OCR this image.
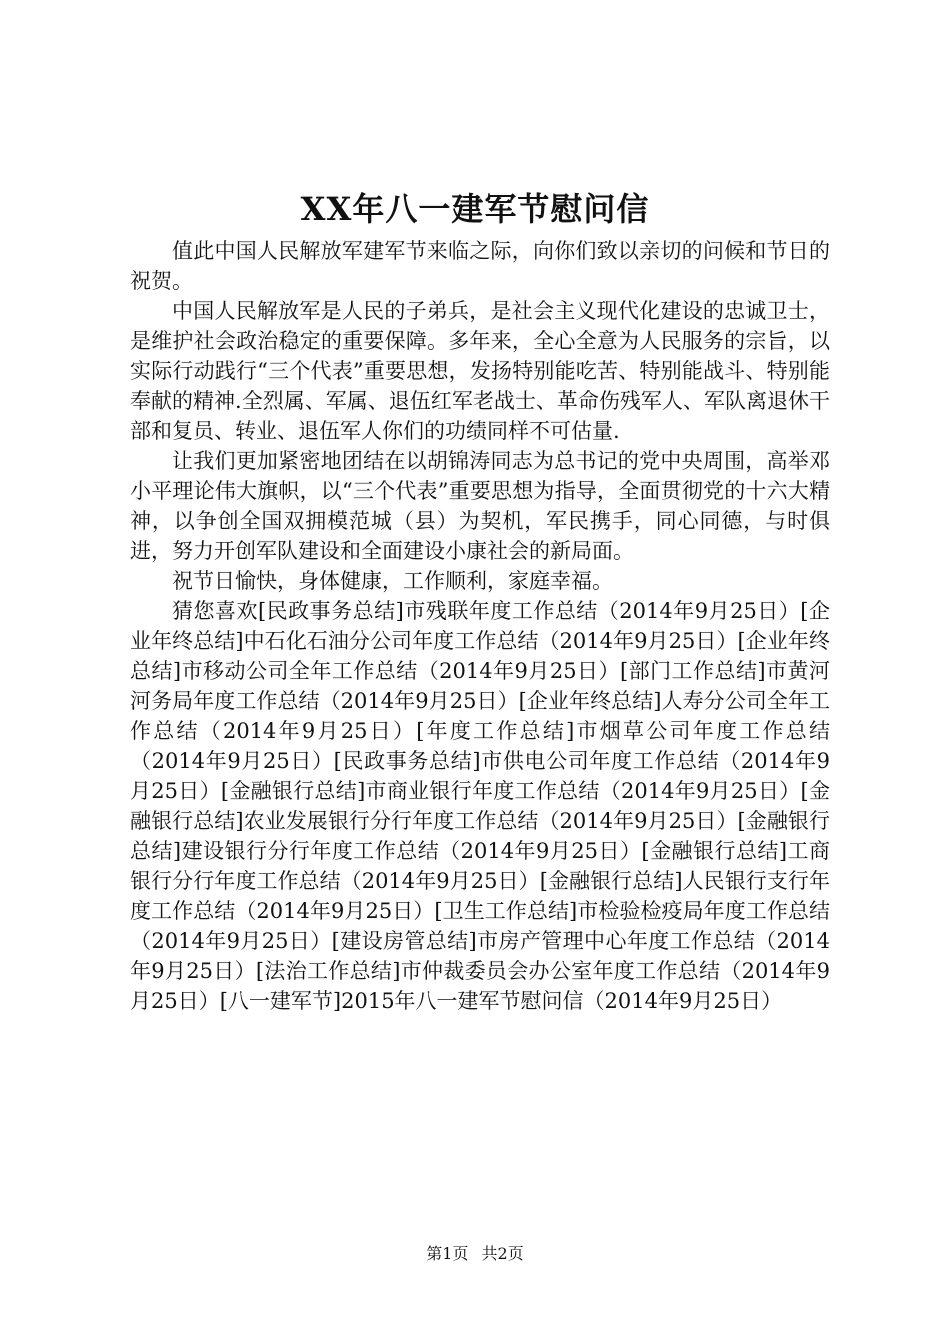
XX年八一建军节慰问信

值此中国人民解放军建军节来临之际，向你们致以亲切的问候和节日的祝贺。

中国人民解放军是人民的子弟兵，是社会主义现代化建设的忠诚卫士，是维护社会政治稳定的重要保障。多年来，全心全意为人民服务的宗旨，以实际行动践行“三个代表”重要思想，发扬特别能吃苦、特别能战斗、特别能奉献的精神.全烈属、军属、退伍红军老战士、革命伤残军人、军队离退休干部和复员、转业、退伍军人你们的功绩同样不可估量.

让我们更加紧密地团结在以胡锦涛同志为总书记的党中央周围，高举邓小平理论伟大旗帜，以“三个代表”重要思想为指导，全面贯彻党的十六大精神，以争创全国双拥模范城（县）为契机，军民携手，同心同德，与时俱进，努力开创军队建设和全面建设小康社会的新局面。

祝节日愉快，身体健康，工作顺利，家庭幸福。

猜您喜欢[民政事务总结]市残联年度工作总结（2014年9月25日）[企业年终总结]中石化石油分公司年度工作总结（2014年9月25日）[企业年终总结]市移动公司全年工作总结（2014年9月25日）[部门工作总结]市黄河河务局年度工作总结（2014年9月25日）[企业年终总结]人寿分公司全年工作总结（2014年9月25日）[年度工作总结]市烟草公司年度工作总结（2014年9月25日）[民政事务总结]市供电公司年度工作总结（2014年9月25日）[金融银行总结]市商业银行年度工作总结（2014年9月25日）[金融银行总结]农业发展银行分行年度工作总结（2014年9月25日）[金融银行总结]建设银行分行年度工作总结（2014年9月25日）[金融银行总结]工商银行分行年度工作总结（2014年9月25日）[金融银行总结]人民银行支行年度工作总结（2014年9月25日）[卫生工作总结]市检验检疫局年度工作总结（2014年9月25日）[建设房管总结]市房产管理中心年度工作总结（2014年9月25日）[法治工作总结]市仲裁委员会办公室年度工作总结（2014年9月25日）[八一建军节]2015年八一建军节慰问信（2014年9月25日）

第1页 共2页
